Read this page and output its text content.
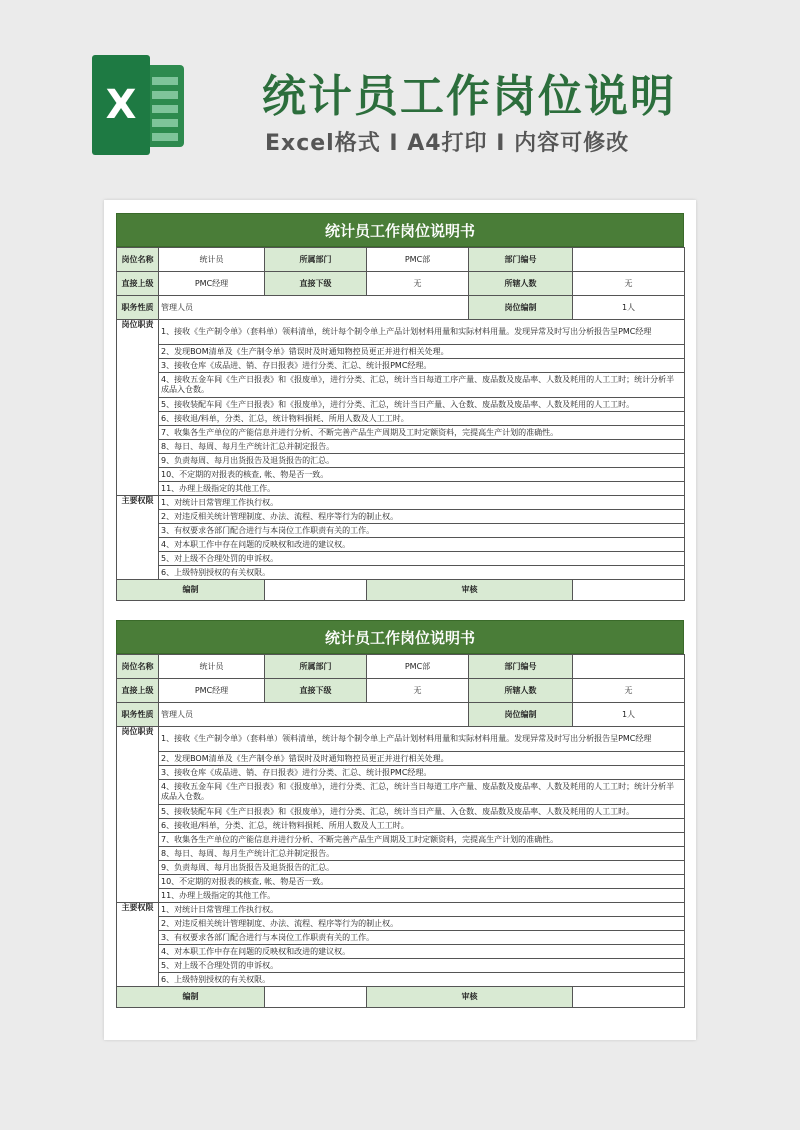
X	统计员工作岗位说明
Excel格式 I A4打印 I 内容可修改
统计员工作岗位说明书
岗位名称	统计员	所属部门	PMC部	部门编号		
直接上级	PMC经理	直接下级	无	所辖人数	无	
职务性质	管理人员			岗位编制	1人	
岗位职责	1、接收《生产制令单》（套料单）领料清单，统计每个制令单上产品计划材料用量和实际材料用量。发现异常及时写出分析报告呈PMC经理					
	2、发现BOM清单及《生产制令单》错误时及时通知物控员更正并进行相关处理。					
	3、接收仓库《成品进、销、存日报表》进行分类、汇总、统计报PMC经理。					
	4、接收五金车间《生产日报表》和《报废单》，进行分类、汇总，统计当日每道工序产量、废品数及废品率、人数及耗用的人工工时；统计分析半成品入仓数。					
	5、接收装配车间《生产日报表》和《报废单》，进行分类、汇总，统计当日产量、入仓数、废品数及废品率、人数及耗用的人工工时。					
	6、接收退/料单，分类、汇总，统计物料损耗、所用人数及人工工时。					
	7、收集各生产单位的产能信息并进行分析、不断完善产品生产周期及工时定额资料，完提高生产计划的准确性。					
	8、每日、每周、每月生产统计汇总并制定报告。					
	9、负责每周、每月出货报告及退货报告的汇总。					
	10、不定期的对报表的核查, 帐、物是否一致。					
	11、办理上级指定的其他工作。					
主要权限	1、对统计日常管理工作执行权。					
	2、对违反相关统计管理制度、办法、流程、程序等行为的制止权。					
	3、有权要求各部门配合进行与本岗位工作职责有关的工作。					
	4、对本职工作中存在问题的反映权和改进的建议权。					
	5、对上级不合理处罚的申诉权。					
	6、上级特别授权的有关权限。					
编制			审核		
统计员工作岗位说明书
岗位名称	统计员	所属部门	PMC部	部门编号		
直接上级	PMC经理	直接下级	无	所辖人数	无	
职务性质	管理人员			岗位编制	1人	
岗位职责	1、接收《生产制令单》（套料单）领料清单，统计每个制令单上产品计划材料用量和实际材料用量。发现异常及时写出分析报告呈PMC经理					
	2、发现BOM清单及《生产制令单》错误时及时通知物控员更正并进行相关处理。					
	3、接收仓库《成品进、销、存日报表》进行分类、汇总、统计报PMC经理。					
	4、接收五金车间《生产日报表》和《报废单》，进行分类、汇总，统计当日每道工序产量、废品数及废品率、人数及耗用的人工工时；统计分析半成品入仓数。					
	5、接收装配车间《生产日报表》和《报废单》，进行分类、汇总，统计当日产量、入仓数、废品数及废品率、人数及耗用的人工工时。					
	6、接收退/料单，分类、汇总，统计物料损耗、所用人数及人工工时。					
	7、收集各生产单位的产能信息并进行分析、不断完善产品生产周期及工时定额资料，完提高生产计划的准确性。					
	8、每日、每周、每月生产统计汇总并制定报告。					
	9、负责每周、每月出货报告及退货报告的汇总。					
	10、不定期的对报表的核查, 帐、物是否一致。					
	11、办理上级指定的其他工作。					
主要权限	1、对统计日常管理工作执行权。					
	2、对违反相关统计管理制度、办法、流程、程序等行为的制止权。					
	3、有权要求各部门配合进行与本岗位工作职责有关的工作。					
	4、对本职工作中存在问题的反映权和改进的建议权。					
	5、对上级不合理处罚的申诉权。					
	6、上级特别授权的有关权限。					
编制			审核		
